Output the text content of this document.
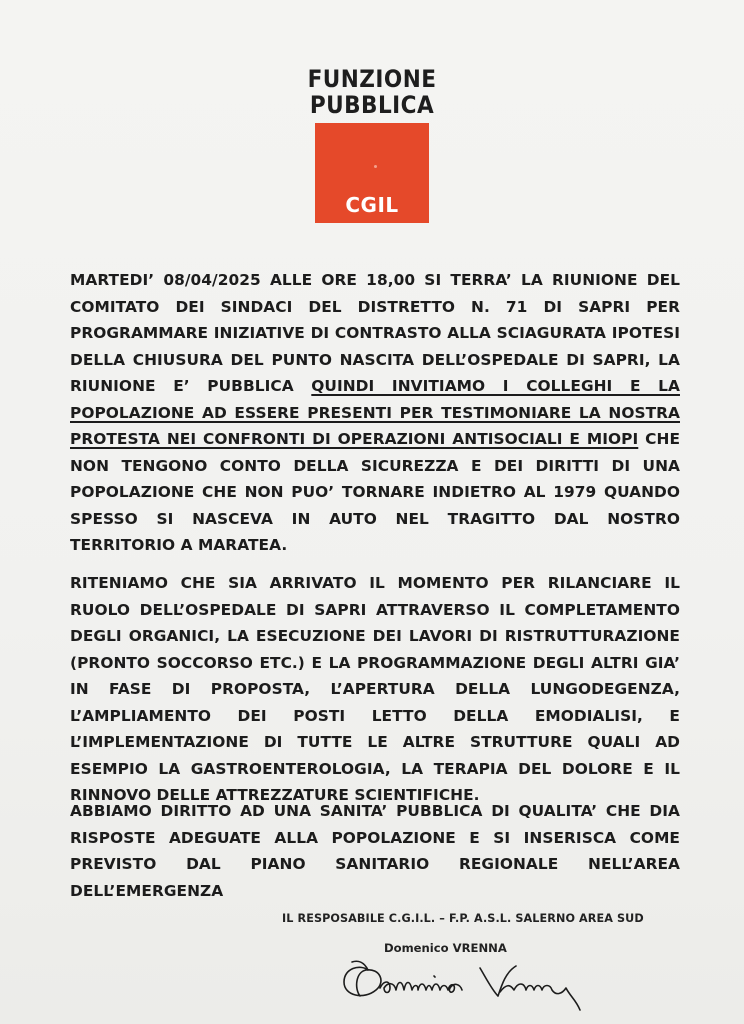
FUNZIONE
PUBBLICA
CGIL
MARTEDI’ 08/04/2025 ALLE ORE 18,00 SI TERRA’ LA RIUNIONE DEL COMITATO DEI SINDACI DEL DISTRETTO N. 71 DI SAPRI PER PROGRAMMARE INIZIATIVE DI CONTRASTO ALLA SCIAGURATA IPOTESI DELLA CHIUSURA DEL PUNTO NASCITA DELL’OSPEDALE DI SAPRI, LA RIUNIONE E’ PUBBLICA QUINDI INVITIAMO I COLLEGHI E LA POPOLAZIONE AD ESSERE PRESENTI PER TESTIMONIARE LA NOSTRA PROTESTA NEI CONFRONTI DI OPERAZIONI ANTISOCIALI E MIOPI CHE NON TENGONO CONTO DELLA SICUREZZA E DEI DIRITTI DI UNA POPOLAZIONE CHE NON PUO’ TORNARE INDIETRO AL 1979 QUANDO SPESSO SI NASCEVA IN AUTO NEL TRAGITTO DAL NOSTRO TERRITORIO A MARATEA.
RITENIAMO CHE SIA ARRIVATO IL MOMENTO PER RILANCIARE IL RUOLO DELL’OSPEDALE DI SAPRI ATTRAVERSO IL COMPLETAMENTO DEGLI ORGANICI, LA ESECUZIONE DEI LAVORI DI RISTRUTTURAZIONE (PRONTO SOCCORSO ETC.) E LA PROGRAMMAZIONE DEGLI ALTRI GIA’ IN FASE DI PROPOSTA, L’APERTURA DELLA LUNGODEGENZA, L’AMPLIAMENTO DEI POSTI LETTO DELLA EMODIALISI, E L’IMPLEMENTAZIONE DI TUTTE LE ALTRE STRUTTURE QUALI AD ESEMPIO LA GASTROENTEROLOGIA, LA TERAPIA DEL DOLORE E IL RINNOVO DELLE ATTREZZATURE SCIENTIFICHE.
ABBIAMO DIRITTO AD UNA SANITA’ PUBBLICA DI QUALITA’ CHE DIA RISPOSTE ADEGUATE ALLA POPOLAZIONE E SI INSERISCA COME PREVISTO DAL PIANO SANITARIO REGIONALE NELL’AREA DELL’EMERGENZA
IL RESPOSABILE C.G.I.L. – F.P. A.S.L. SALERNO AREA SUD
Domenico VRENNA
